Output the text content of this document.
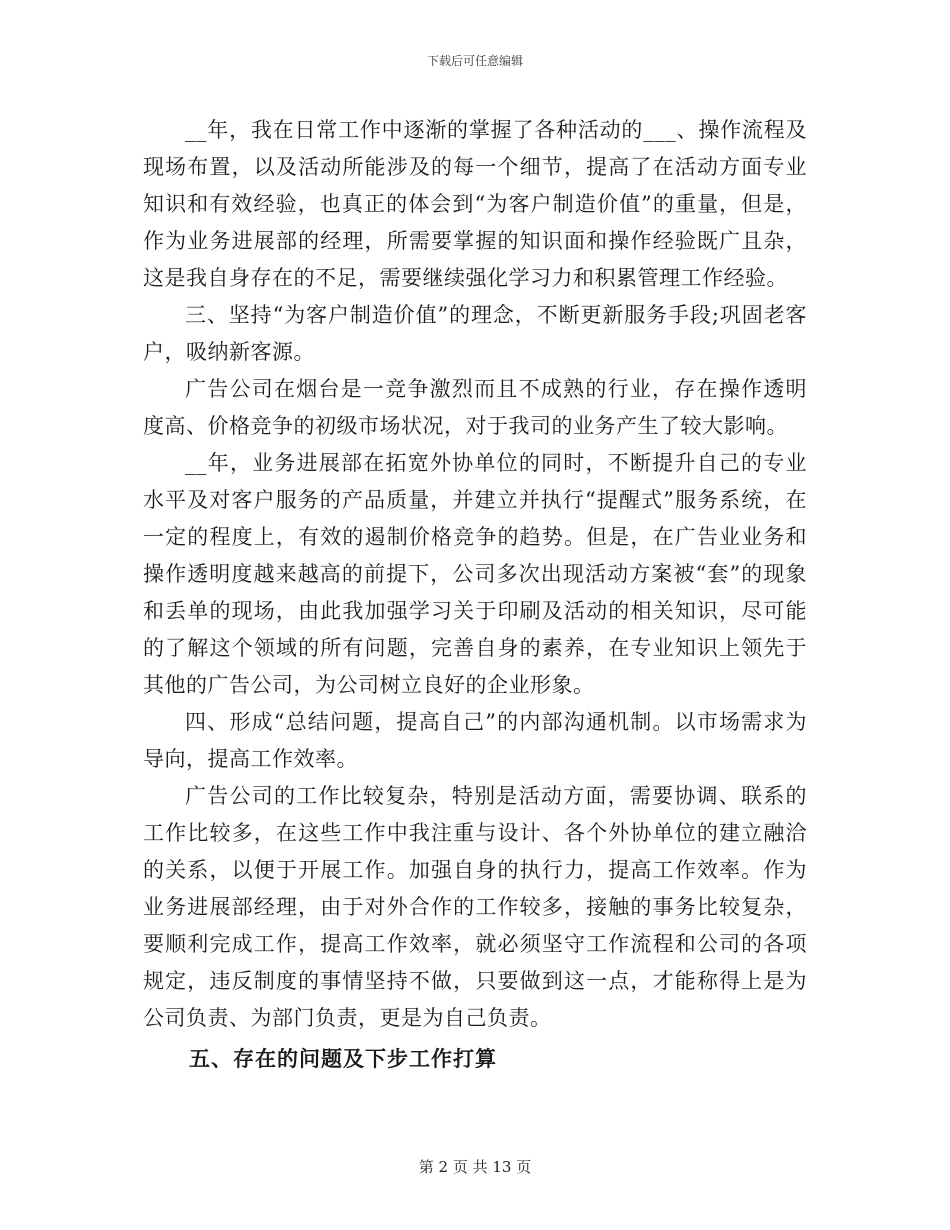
下载后可任意编辑

__年，我在日常工作中逐渐的掌握了各种活动的___、操作流程及现场布置，以及活动所能涉及的每一个细节，提高了在活动方面专业知识和有效经验，也真正的体会到“为客户制造价值”的重量，但是，作为业务进展部的经理，所需要掌握的知识面和操作经验既广且杂，这是我自身存在的不足，需要继续强化学习力和积累管理工作经验。

三、坚持“为客户制造价值”的理念，不断更新服务手段;巩固老客户，吸纳新客源。

广告公司在烟台是一竞争激烈而且不成熟的行业，存在操作透明度高、价格竞争的初级市场状况，对于我司的业务产生了较大影响。

__年，业务进展部在拓宽外协单位的同时，不断提升自己的专业水平及对客户服务的产品质量，并建立并执行“提醒式”服务系统，在一定的程度上，有效的遏制价格竞争的趋势。但是，在广告业业务和操作透明度越来越高的前提下，公司多次出现活动方案被“套”的现象和丢单的现场，由此我加强学习关于印刷及活动的相关知识，尽可能的了解这个领域的所有问题，完善自身的素养，在专业知识上领先于其他的广告公司，为公司树立良好的企业形象。

四、形成“总结问题，提高自己”的内部沟通机制。以市场需求为导向，提高工作效率。

广告公司的工作比较复杂，特别是活动方面，需要协调、联系的工作比较多，在这些工作中我注重与设计、各个外协单位的建立融洽的关系，以便于开展工作。加强自身的执行力，提高工作效率。作为业务进展部经理，由于对外合作的工作较多，接触的事务比较复杂，要顺利完成工作，提高工作效率，就必须坚守工作流程和公司的各项规定，违反制度的事情坚持不做，只要做到这一点，才能称得上是为公司负责、为部门负责，更是为自己负责。

五、存在的问题及下步工作打算

第 2 页 共 13 页
